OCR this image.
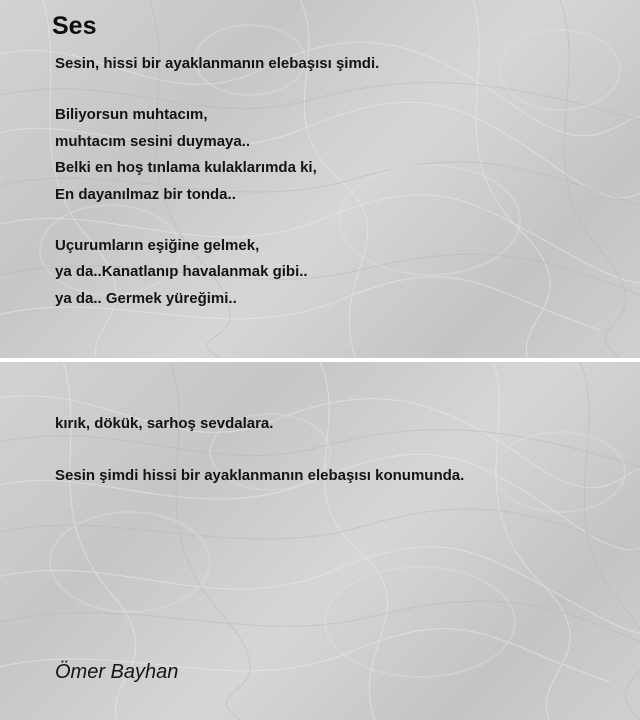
Ses

Sesin, hissi bir ayaklanmanın elebaşısı şimdi.

Biliyorsun muhtacım,

muhtacım sesini duymaya..

Belki en hoş tınlama kulaklarımda ki,

En dayanılmaz bir tonda..

Uçurumların eşiğine gelmek,

ya da..Kanatlanıp havalanmak gibi..

ya da.. Germek yüreğimi..

kırık, dökük, sarhoş sevdalara.

Sesin şimdi hissi bir ayaklanmanın elebaşısı konumunda.

Ömer Bayhan
